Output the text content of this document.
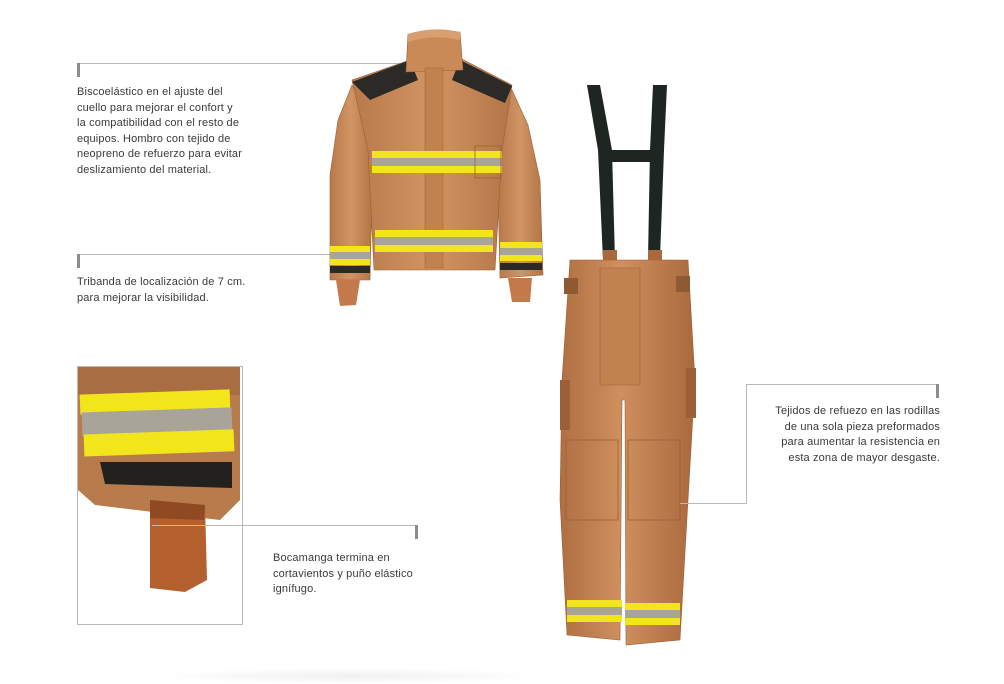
Biscoelástico en el ajuste del
cuello para mejorar el confort y
la compatibilidad con el resto de
equipos. Hombro con tejido de
neopreno de refuerzo para evitar
deslizamiento del material.

Tribanda de localización de 7 cm.
para mejorar la visibilidad.

Bocamanga termina en
cortavientos y puño elástico
ignífugo.

Tejidos de refuezo en las rodillas
de una sola pieza preformados
para aumentar la resistencia en
esta zona de mayor desgaste.
